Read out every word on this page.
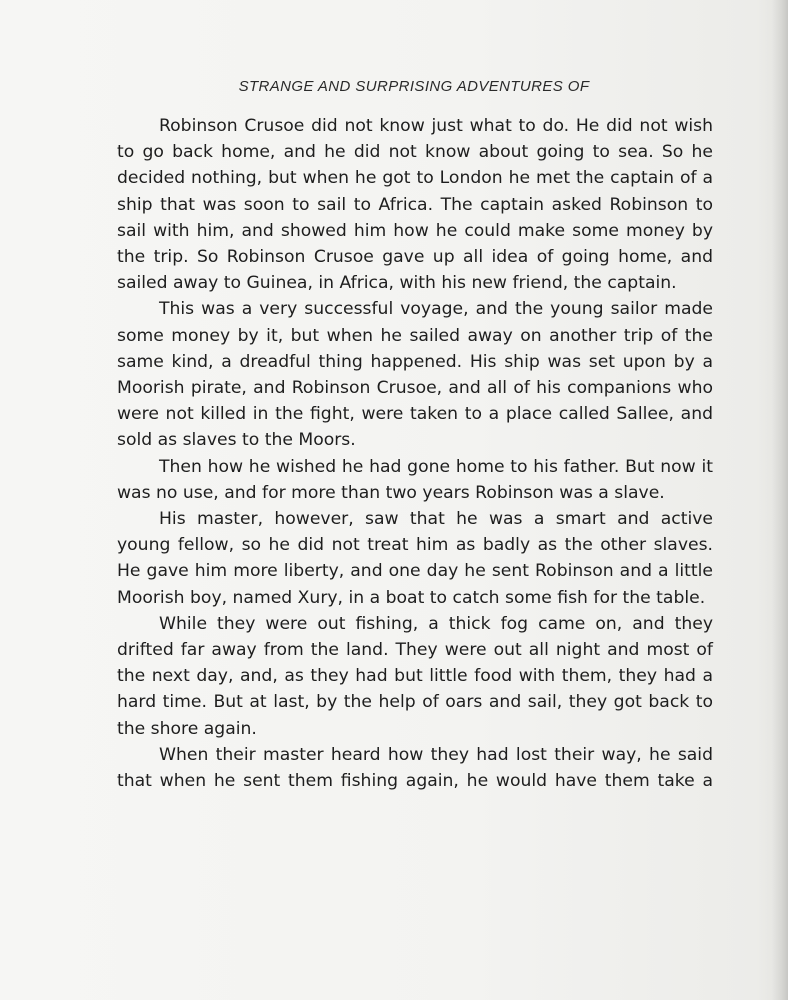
STRANGE AND SURPRISING ADVENTURES OF

Robinson Crusoe did not know just what to do. He did not wish to go back home, and he did not know about going to sea. So he decided nothing, but when he got to London he met the captain of a ship that was soon to sail to Africa. The captain asked Robinson to sail with him, and showed him how he could make some money by the trip. So Robinson Crusoe gave up all idea of going home, and sailed away to Guinea, in Africa, with his new friend, the captain.

This was a very successful voyage, and the young sailor made some money by it, but when he sailed away on another trip of the same kind, a dreadful thing happened. His ship was set upon by a Moorish pirate, and Robinson Crusoe, and all of his companions who were not killed in the fight, were taken to a place called Sallee, and sold as slaves to the Moors.

Then how he wished he had gone home to his father. But now it was no use, and for more than two years Robinson was a slave.

His master, however, saw that he was a smart and active young fellow, so he did not treat him as badly as the other slaves. He gave him more liberty, and one day he sent Robinson and a little Moorish boy, named Xury, in a boat to catch some fish for the table.

While they were out fishing, a thick fog came on, and they drifted far away from the land. They were out all night and most of the next day, and, as they had but little food with them, they had a hard time. But at last, by the help of oars and sail, they got back to the shore again.

When their master heard how they had lost their way, he said that when he sent them fishing again, he would have them take a
